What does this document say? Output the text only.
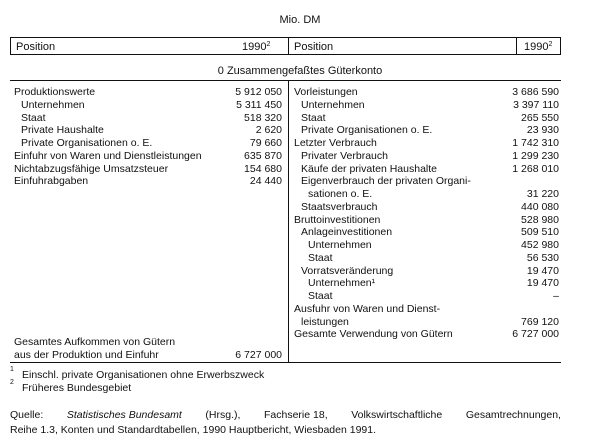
Mio. DM
Position	1990$^2$ Position	1990$^2$
0 Zusammengefaßtes Güterkonto
Produktionswerte	5 912 050
Unternehmen	5 311 450
Staat	518 320
Private Haushalte	2 620
Private Organisationen o. E.	79 660
Einfuhr von Waren und Dienstleistungen	635 870
Nichtabzugsfähige Umsatzsteuer	154 680
Einfuhrabgaben	24 440
Vorleistungen	3 686 590
Unternehmen	3 397 110
Staat	265 550
Private Organisationen o. E.	23 930
Letzter Verbrauch	1 742 310
Privater Verbrauch	1 299 230
Käufe der privaten Haushalte	1 268 010
Eigenverbrauch der privaten Organi-
sationen o. E.	31 220
Staatsverbrauch	440 080
Bruttoinvestitionen	528 980
Anlageinvestitionen	509 510
Unternehmen	452 980
Staat	56 530
Vorratsveränderung	19 470
Unternehmen¹	19 470
Staat	–
Ausfuhr von Waren und Dienst-
leistungen	769 120
Gesamte Verwendung von Gütern	6 727 000
Gesamtes Aufkommen von Gütern
aus der Produktion und Einfuhr	6 727 000
1 Einschl. private Organisationen ohne Erwerbszweck
2 Früheres Bundesgebiet
Quelle: Statistisches Bundesamt (Hrsg.), Fachserie 18, Volkswirtschaftliche Gesamtrechnungen,
Reihe 1.3, Konten und Standardtabellen, 1990 Hauptbericht, Wiesbaden 1991.
